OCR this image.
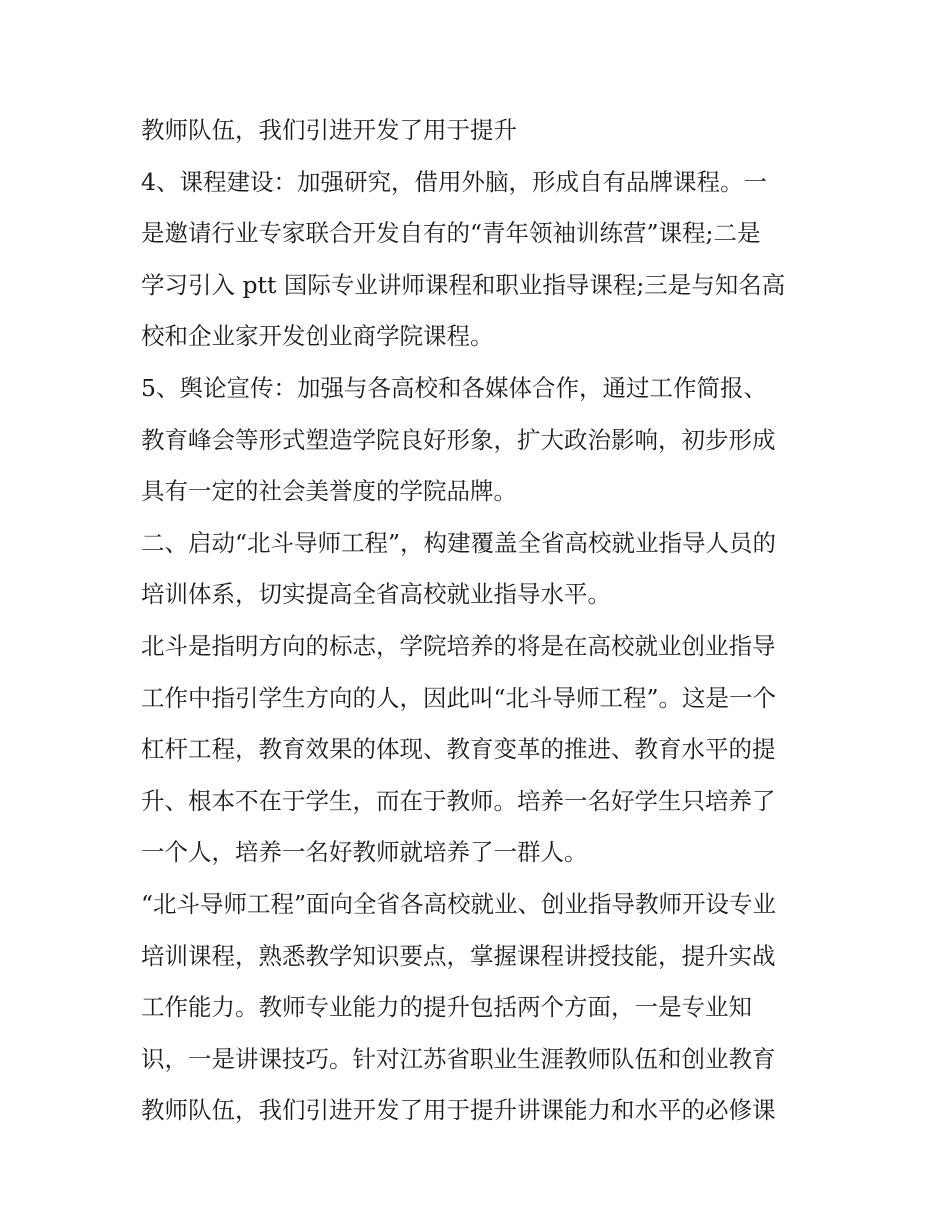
教师队伍，我们引进开发了用于提升
4、课程建设：加强研究，借用外脑，形成自有品牌课程。一
是邀请行业专家联合开发自有的“青年领袖训练营”课程;二是
学习引入 ptt 国际专业讲师课程和职业指导课程;三是与知名高
校和企业家开发创业商学院课程。
5、舆论宣传：加强与各高校和各媒体合作，通过工作简报、
教育峰会等形式塑造学院良好形象，扩大政治影响，初步形成
具有一定的社会美誉度的学院品牌。
二、启动“北斗导师工程”，构建覆盖全省高校就业指导人员的
培训体系，切实提高全省高校就业指导水平。
北斗是指明方向的标志，学院培养的将是在高校就业创业指导
工作中指引学生方向的人，因此叫“北斗导师工程”。这是一个
杠杆工程，教育效果的体现、教育变革的推进、教育水平的提
升、根本不在于学生，而在于教师。培养一名好学生只培养了
一个人，培养一名好教师就培养了一群人。
“北斗导师工程”面向全省各高校就业、创业指导教师开设专业
培训课程，熟悉教学知识要点，掌握课程讲授技能，提升实战
工作能力。教师专业能力的提升包括两个方面，一是专业知
识，一是讲课技巧。针对江苏省职业生涯教师队伍和创业教育
教师队伍，我们引进开发了用于提升讲课能力和水平的必修课
